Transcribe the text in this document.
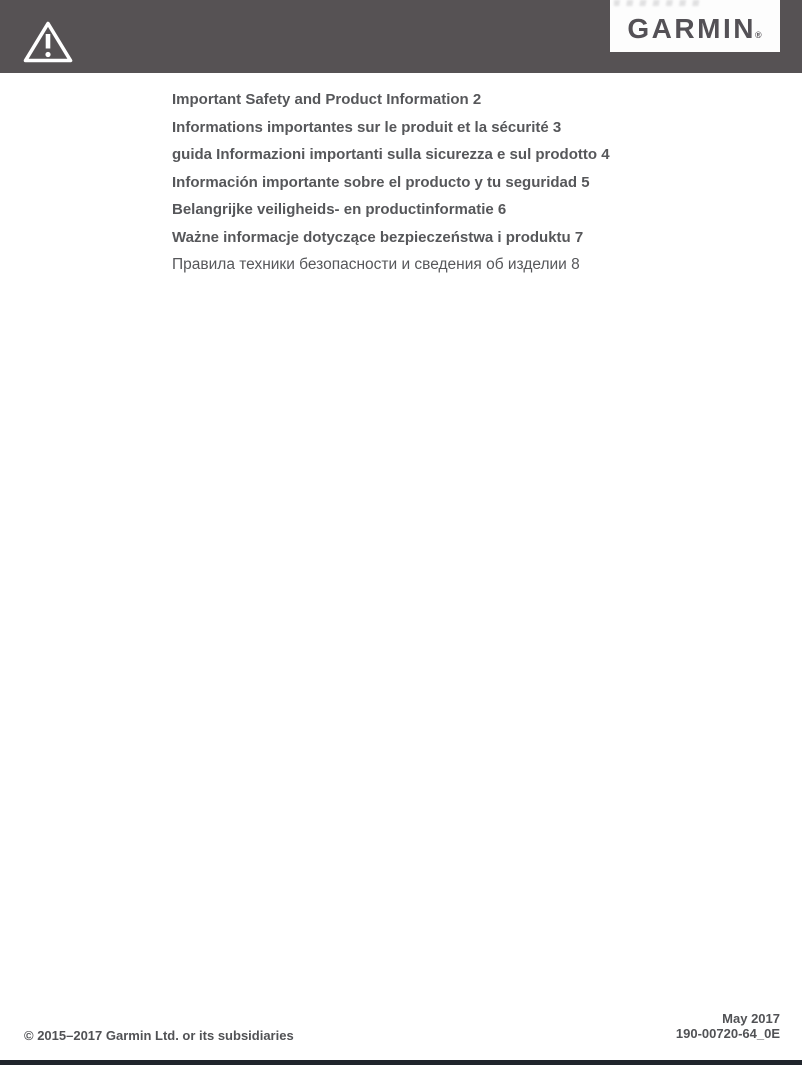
GARMIN®
Important Safety and Product Information 2
Informations importantes sur le produit et la sécurité 3
guida Informazioni importanti sulla sicurezza e sul prodotto 4
Información importante sobre el producto y tu seguridad 5
Belangrijke veiligheids- en productinformatie 6
Ważne informacje dotyczące bezpieczeństwa i produktu 7
Правила техники безопасности и сведения об изделии 8
© 2015–2017 Garmin Ltd. or its subsidiaries
May 2017
190-00720-64_0E
